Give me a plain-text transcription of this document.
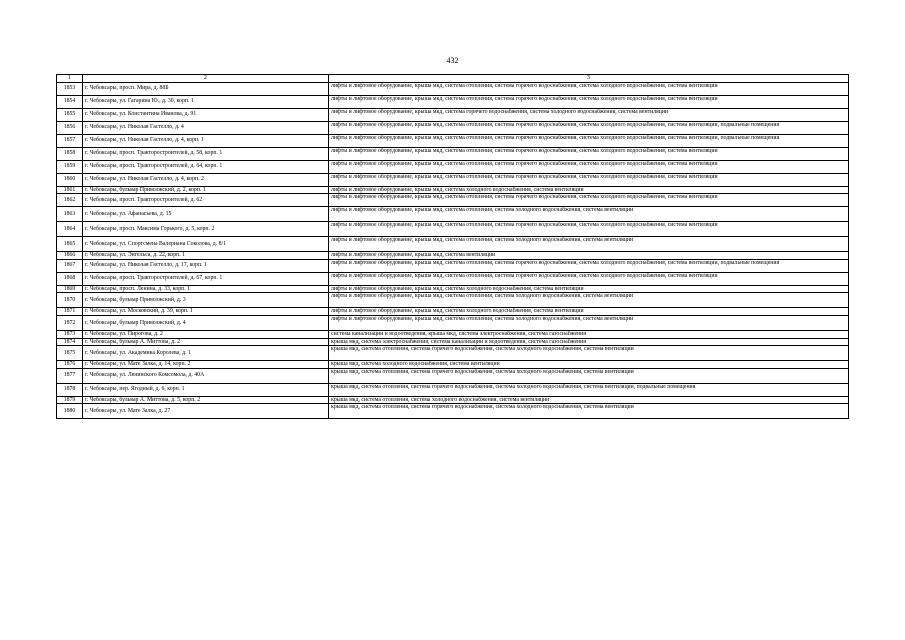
432
1	2	3
1853	г. Чебоксары, просп. Мира, д. 88Б	лифты и лифтовое оборудование, крыша мкд, система отопления, система горячего водоснабжения, система холодного водоснабжения, система вентиляции
1854	г. Чебоксары, ул. Гагарина Ю., д. 30, корп. 1	лифты и лифтовое оборудование, крыша мкд, система отопления, система горячего водоснабжения, система холодного водоснабжения, система вентиляции
1855	г. Чебоксары, ул. Константина Иванова, д. 91	лифты и лифтовое оборудование, крыша мкд, система горячего водоснабжения, система холодного водоснабжения, система вентиляции
1856	г. Чебоксары, ул. Николая Гастелло, д. 4	лифты и лифтовое оборудование, крыша мкд, система отопления, система горячего водоснабжения, система холодного водоснабжения, система вентиляции, подвальные помещения
1857	г. Чебоксары, ул. Николая Гастелло, д. 4, корп. 1	лифты и лифтовое оборудование, крыша мкд, система отопления, система горячего водоснабжения, система холодного водоснабжения, система вентиляции, подвальные помещения
1858	г. Чебоксары, просп. Тракторостроителей, д. 58, корп. 1	лифты и лифтовое оборудование, крыша мкд, система отопления, система горячего водоснабжения, система холодного водоснабжения, система вентиляции
1859	г. Чебоксары, просп. Тракторостроителей, д. 64, корп. 1	лифты и лифтовое оборудование, крыша мкд, система отопления, система горячего водоснабжения, система холодного водоснабжения, система вентиляции
1860	г. Чебоксары, ул. Николая Гастелло, д. 4, корп. 2	лифты и лифтовое оборудование, крыша мкд, система отопления, система горячего водоснабжения, система холодного водоснабжения, система вентиляции
1861	г. Чебоксары, бульвар Приволжский, д. 2, корп. 1	лифты и лифтовое оборудование, крыша мкд, система холодного водоснабжения, система вентиляции
1862	г. Чебоксары, просп. Тракторостроителей, д. 62	лифты и лифтовое оборудование, крыша мкд, система отопления, система горячего водоснабжения, система холодного водоснабжения, система вентиляции
1863	г. Чебоксары, ул. Афанасьева, д. 15	лифты и лифтовое оборудование, крыша мкд, система отопления, система холодного водоснабжения, система вентиляции
1864	г. Чебоксары, просп. Максима Горького, д. 5, корп. 2	лифты и лифтовое оборудование, крыша мкд, система отопления, система горячего водоснабжения, система холодного водоснабжения, система вентиляции
1865	г. Чебоксары, ул. Спортсмена Валериана Соколова, д. 8/1	лифты и лифтовое оборудование, крыша мкд, система отопления, система холодного водоснабжения, система вентиляции
1866	г. Чебоксары, ул. Энгельса, д. 22, корп. 1	лифты и лифтовое оборудование, крыша мкд, система вентиляции
1867	г. Чебоксары, ул. Николая Гастелло, д. 17, корп. 1	лифты и лифтовое оборудование, крыша мкд, система отопления, система горячего водоснабжения, система холодного водоснабжения, система вентиляции, подвальные помещения
1868	г. Чебоксары, просп. Тракторостроителей, д. 67, корп. 1	лифты и лифтовое оборудование, крыша мкд, система отопления, система горячего водоснабжения, система холодного водоснабжения, система вентиляции
1869	г. Чебоксары, просп. Ленина, д. 33, корп. 1	лифты и лифтовое оборудование, крыша мкд, система холодного водоснабжения, система вентиляции
1870	г. Чебоксары, бульвар Приволжский, д. 3	лифты и лифтовое оборудование, крыша мкд, система отопления, система холодного водоснабжения, система вентиляции
1871	г. Чебоксары, ул. Московский, д. 39, корп. 1	лифты и лифтовое оборудование, крыша мкд, система холодного водоснабжения, система вентиляции
1872	г. Чебоксары, бульвар Приволжский, д. 4	лифты и лифтовое оборудование, крыша мкд, система отопления, система холодного водоснабжения, система вентиляции
1873	г. Чебоксары, ул. Пирогова, д. 2	система канализации и водоотведения, крыша мкд, система электроснабжения, система газоснабжения
1874	г. Чебоксары, бульвар А. Миттова, д. 2	крыша мкд, система электроснабжения, система канализации и водоотведения, система газоснабжения
1875	г. Чебоксары, ул. Академика Королева, д. 1	крыша мкд, система отопления, система горячего водоснабжения, система холодного водоснабжения, система вентиляции
1876	г. Чебоксары, ул. Мате Залка, д. 14, корп. 2	крыша мкд, система холодного водоснабжения, система вентиляции
1877	г. Чебоксары, ул. Ленинского Комсомола, д. 40А	крыша мкд, система отопления, система горячего водоснабжения, система холодного водоснабжения, система вентиляции
1878	г. Чебоксары, пер. Ягодный, д. 6, корп. 1	крыша мкд, система отопления, система горячего водоснабжения, система холодного водоснабжения, система вентиляции, подвальные помещения
1879	г. Чебоксары, бульвар А. Миттова, д. 5, корп. 2	крыша мкд, система отопления, система холодного водоснабжения, система вентиляции
1880	г. Чебоксары, ул. Мате Залка, д. 27	крыша мкд, система отопления, система горячего водоснабжения, система холодного водоснабжения, система вентиляции
